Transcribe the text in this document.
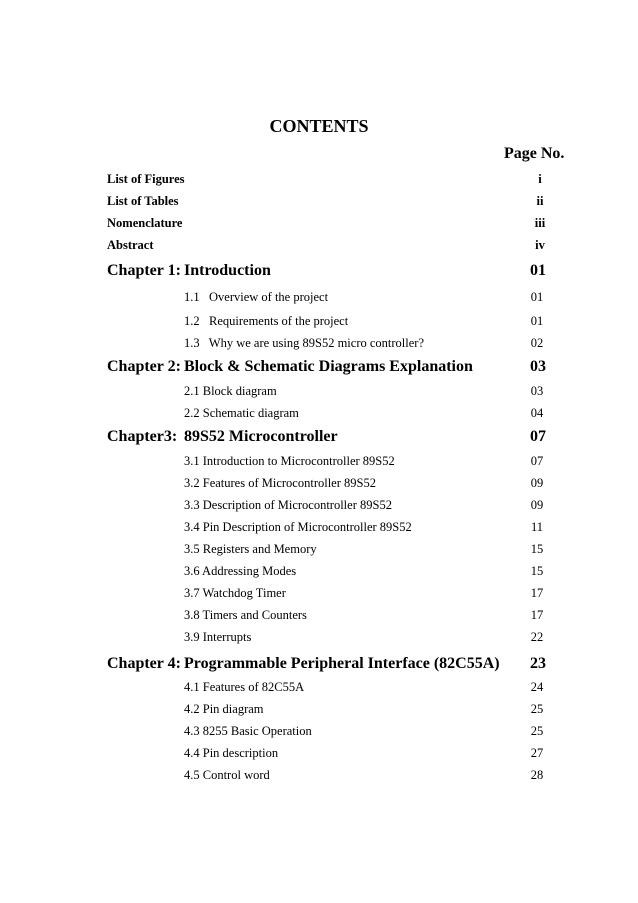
CONTENTS
Page No.
List of Figures	i
List of Tables	ii
Nomenclature	iii
Abstract	iv
Chapter 1: Introduction	01
1.1   Overview of the project	01
1.2   Requirements of the project	01
1.3   Why we are using 89S52 micro controller?	02
Chapter 2: Block & Schematic Diagrams Explanation	03
2.1 Block diagram	03
2.2 Schematic diagram	04
Chapter3: 89S52 Microcontroller	07
3.1 Introduction to Microcontroller 89S52	07
3.2 Features of Microcontroller 89S52	09
3.3 Description of Microcontroller 89S52	09
3.4 Pin Description of Microcontroller 89S52	11
3.5 Registers and Memory	15
3.6 Addressing Modes	15
3.7 Watchdog Timer	17
3.8 Timers and Counters	17
3.9 Interrupts	22
Chapter 4: Programmable Peripheral Interface (82C55A)	23
4.1 Features of 82C55A	24
4.2 Pin diagram	25
4.3 8255 Basic Operation	25
4.4 Pin description	27
4.5 Control word	28
